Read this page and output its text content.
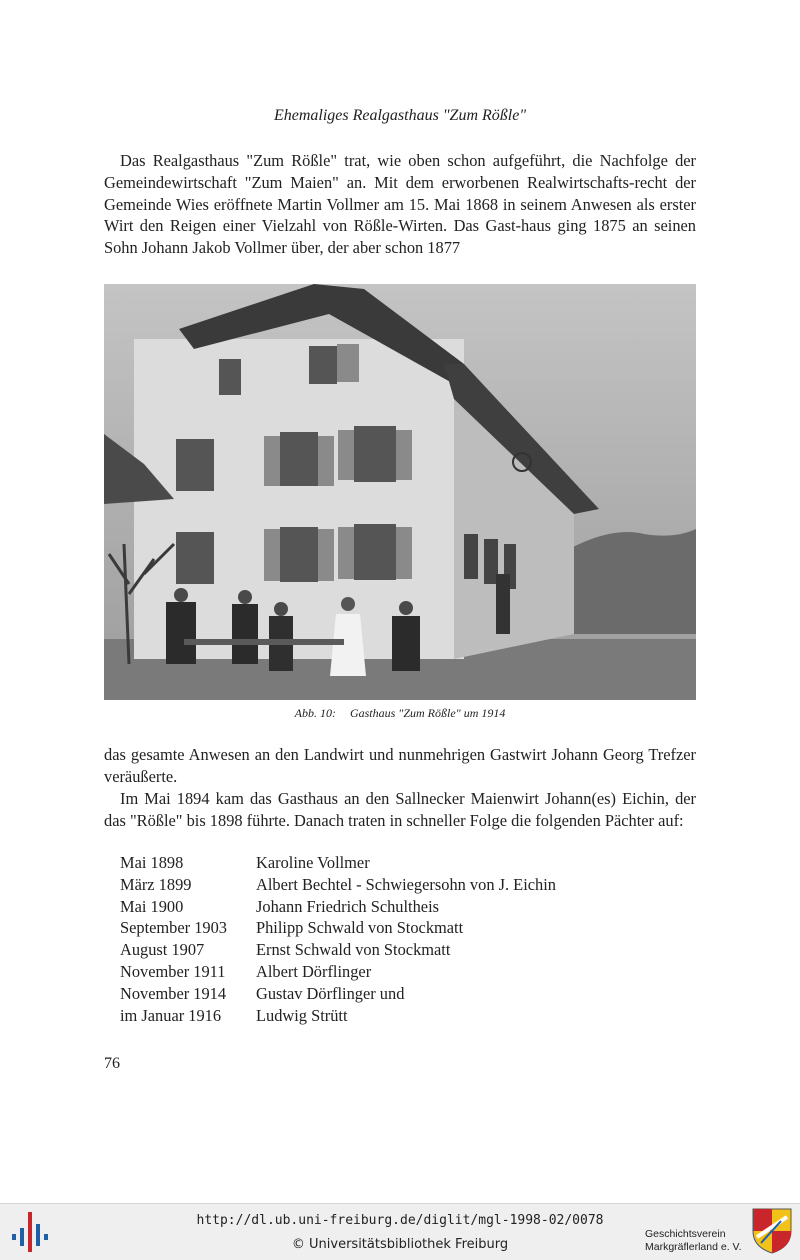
Ehemaliges Realgasthaus "Zum Rößle"

Das Realgasthaus "Zum Rößle" trat, wie oben schon aufgeführt, die Nachfolge der Gemeindewirtschaft "Zum Maien" an. Mit dem erworbenen Realwirtschafts-recht der Gemeinde Wies eröffnete Martin Vollmer am 15. Mai 1868 in seinem Anwesen als erster Wirt den Reigen einer Vielzahl von Rößle-Wirten. Das Gast-haus ging 1875 an seinen Sohn Johann Jakob Vollmer über, der aber schon 1877

Abb. 10: Gasthaus "Zum Rößle" um 1914

das gesamte Anwesen an den Landwirt und nunmehrigen Gastwirt Johann Georg Trefzer veräußerte.

Im Mai 1894 kam das Gasthaus an den Sallnecker Maienwirt Johann(es) Eichin, der das "Rößle" bis 1898 führte. Danach traten in schneller Folge die folgenden Pächter auf:

Mai 1898	Karoline Vollmer
März 1899	Albert Bechtel - Schwiegersohn von J. Eichin
Mai 1900	Johann Friedrich Schultheis
September 1903	Philipp Schwald von Stockmatt
August 1907	Ernst Schwald von Stockmatt
November 1911	Albert Dörflinger
November 1914	Gustav Dörflinger und
im Januar 1916	Ludwig Strütt
76
http://dl.ub.uni-freiburg.de/diglit/mgl-1998-02/0078
© Universitätsbibliothek Freiburg
Geschichtsverein
Markgräflerland e. V.
